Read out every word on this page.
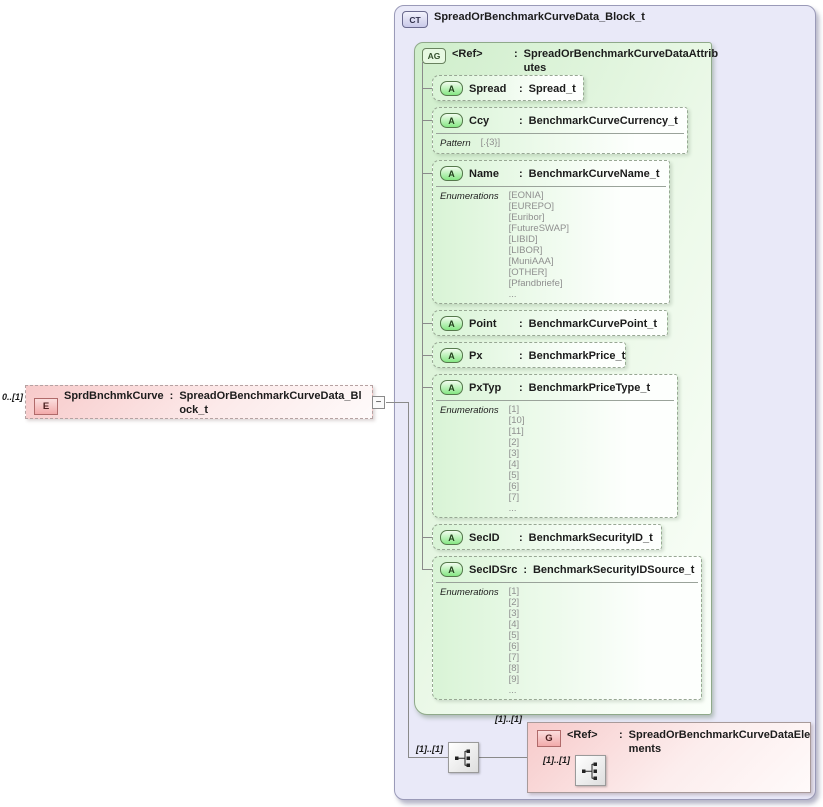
CT	SpreadOrBenchmarkCurveData_Block_t
AG	<Ref>	: SpreadOrBenchmarkCurveDataAttributes
A	Spread	: Spread_t
A	Ccy	: BenchmarkCurveCurrency_t
Pattern [.{3}]
A	Name	: BenchmarkCurveName_t
Enumerations [EONIA]
[EUREPO]
[Euribor]
[FutureSWAP]
[LIBID]
[LIBOR]
[MuniAAA]
[OTHER]
[Pfandbriefe]
...
A	Point	: BenchmarkCurvePoint_t
A	Px	: BenchmarkPrice_t
A	PxTyp	: BenchmarkPriceType_t
Enumerations [1]
[10]
[11]
[2]
[3]
[4]
[5]
[6]
[7]
...
A	SecID	: BenchmarkSecurityID_t
A	SecIDSrc : BenchmarkSecurityIDSource_t
Enumerations [1]
[2]
[3]
[4]
[5]
[6]
[7]
[8]
[9]
...
0..[1]
E
SprdBnchmkCurve : SpreadOrBenchmarkCurveData_Block_t
−
[1]..[1]
[1]..[1]
G	<Ref>	: SpreadOrBenchmarkCurveDataElements
[1]..[1]
